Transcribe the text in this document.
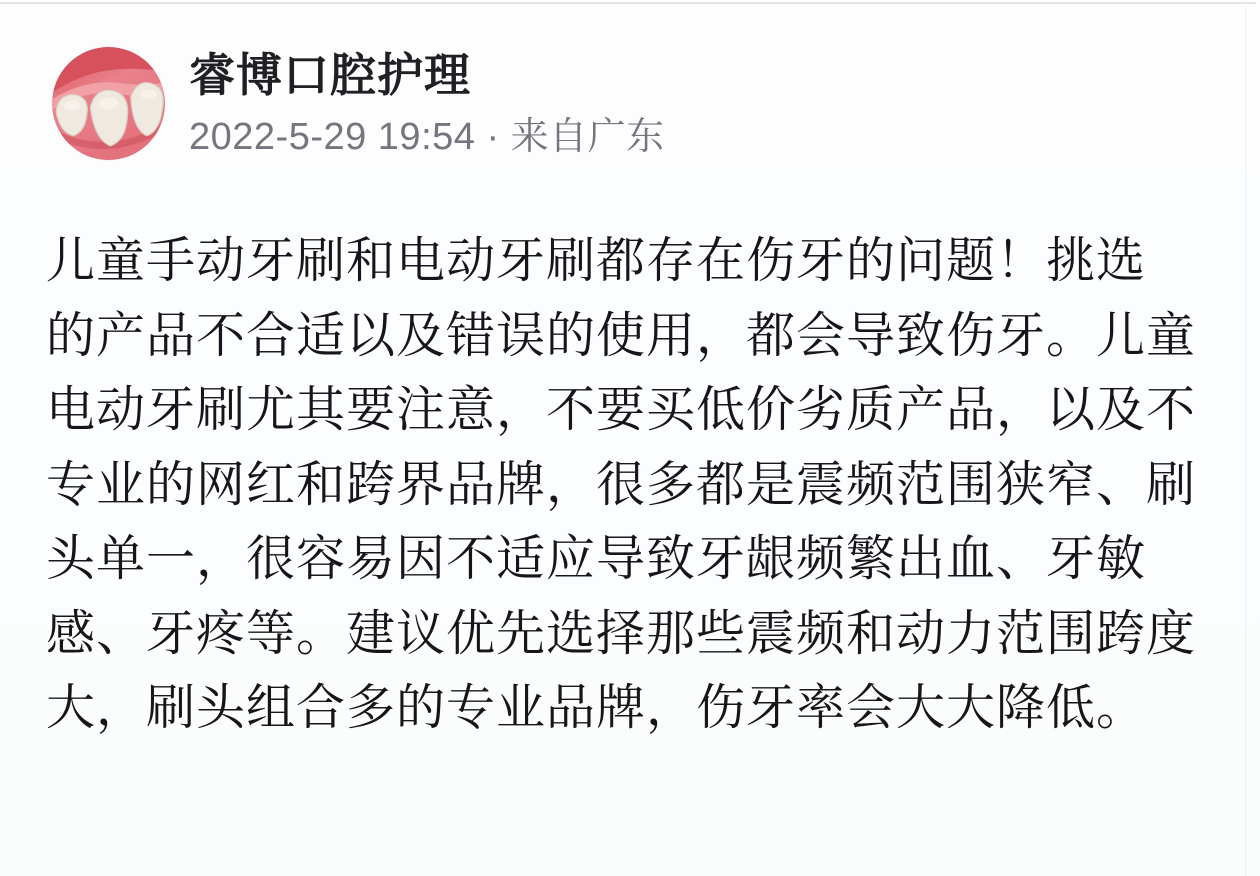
睿博口腔护理
2022-5-29 19:54 · 来自广东
儿童手动牙刷和电动牙刷都存在伤牙的问题！挑选
的产品不合适以及错误的使用，都会导致伤牙。儿童
电动牙刷尤其要注意，不要买低价劣质产品，以及不
专业的网红和跨界品牌，很多都是震频范围狭窄、刷
头单一，很容易因不适应导致牙龈频繁出血、牙敏
感、牙疼等。建议优先选择那些震频和动力范围跨度
大，刷头组合多的专业品牌，伤牙率会大大降低。
